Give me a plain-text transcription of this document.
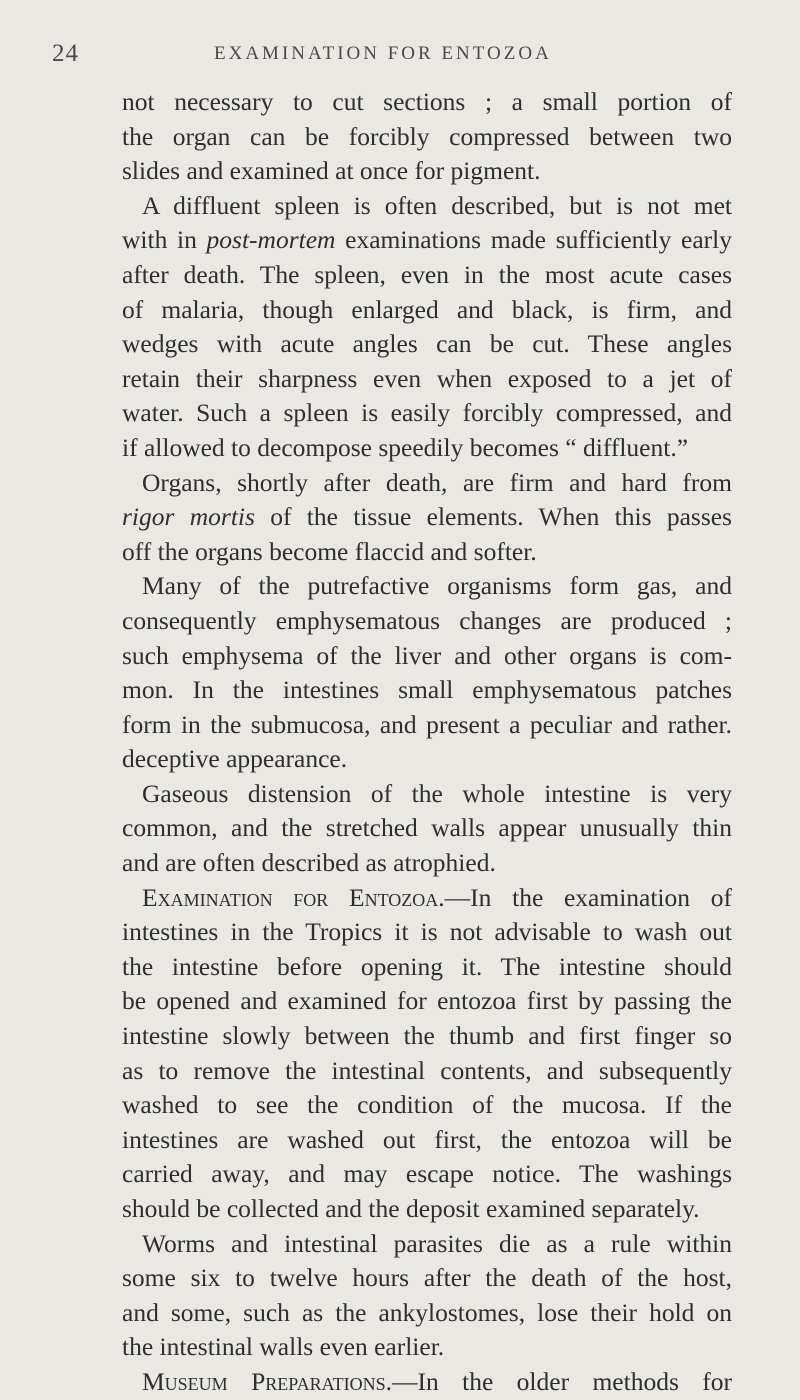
24	EXAMINATION FOR ENTOZOA
not necessary to cut sections ; a small portion of
the organ can be forcibly compressed between two
slides and examined at once for pigment.
A diffluent spleen is often described, but is not met
with in post-mortem examinations made sufficiently early
after death. The spleen, even in the most acute cases
of malaria, though enlarged and black, is firm, and
wedges with acute angles can be cut. These angles
retain their sharpness even when exposed to a jet of
water. Such a spleen is easily forcibly compressed, and
if allowed to decompose speedily becomes “ diffluent.”
Organs, shortly after death, are firm and hard from
rigor mortis of the tissue elements. When this passes
off the organs become flaccid and softer.
Many of the putrefactive organisms form gas, and
consequently emphysematous changes are produced ;
such emphysema of the liver and other organs is com-
mon. In the intestines small emphysematous patches
form in the submucosa, and present a peculiar and rather.
deceptive appearance.
Gaseous distension of the whole intestine is very
common, and the stretched walls appear unusually thin
and are often described as atrophied.
Examination for Entozoa.—In the examination of
intestines in the Tropics it is not advisable to wash out
the intestine before opening it. The intestine should
be opened and examined for entozoa first by passing the
intestine slowly between the thumb and first finger so
as to remove the intestinal contents, and subsequently
washed to see the condition of the mucosa. If the
intestines are washed out first, the entozoa will be
carried away, and may escape notice. The washings
should be collected and the deposit examined separately.
Worms and intestinal parasites die as a rule within
some six to twelve hours after the death of the host,
and some, such as the ankylostomes, lose their hold on
the intestinal walls even earlier.
Museum Preparations.—In the older methods for
